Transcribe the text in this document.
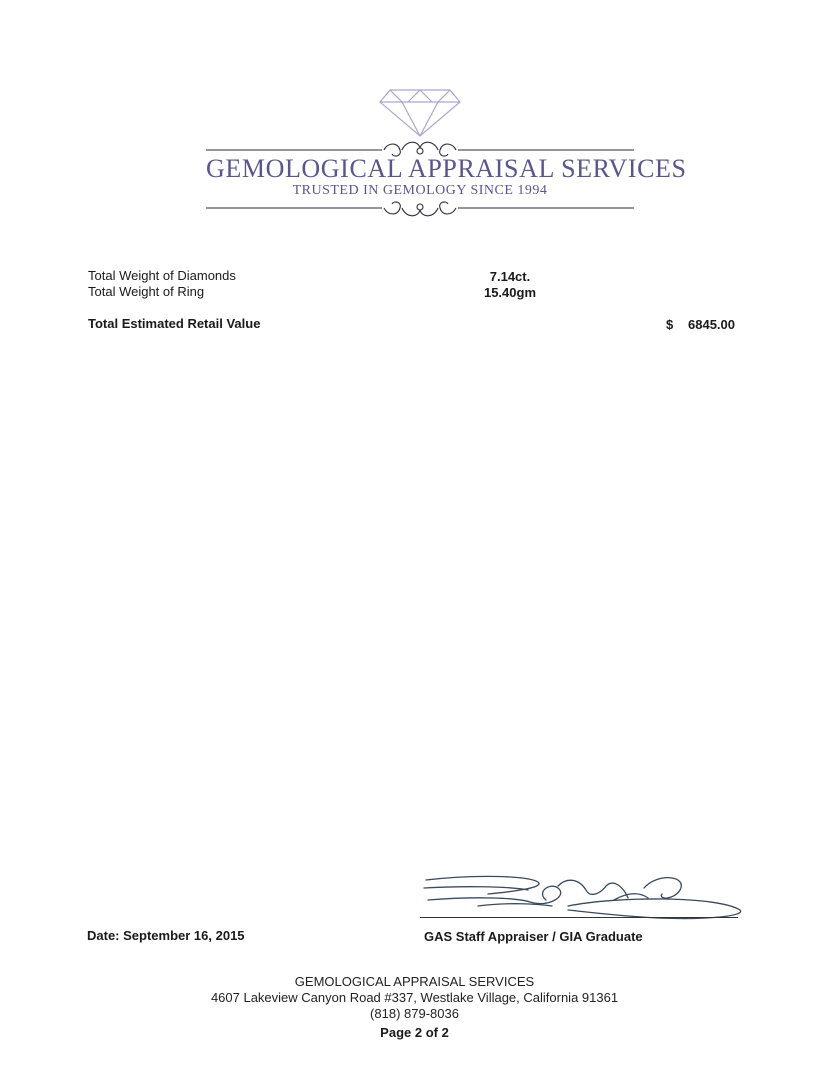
GEMOLOGICAL APPRAISAL SERVICES
TRUSTED IN GEMOLOGY SINCE 1994
Total Weight of Diamonds	7.14ct.
Total Weight of Ring	15.40gm
Total Estimated Retail Value	$ 6845.00
Date: September 16, 2015	GAS Staff Appraiser / GIA Graduate
GEMOLOGICAL APPRAISAL SERVICES
4607 Lakeview Canyon Road #337, Westlake Village, California 91361
(818) 879-8036
Page 2 of 2
